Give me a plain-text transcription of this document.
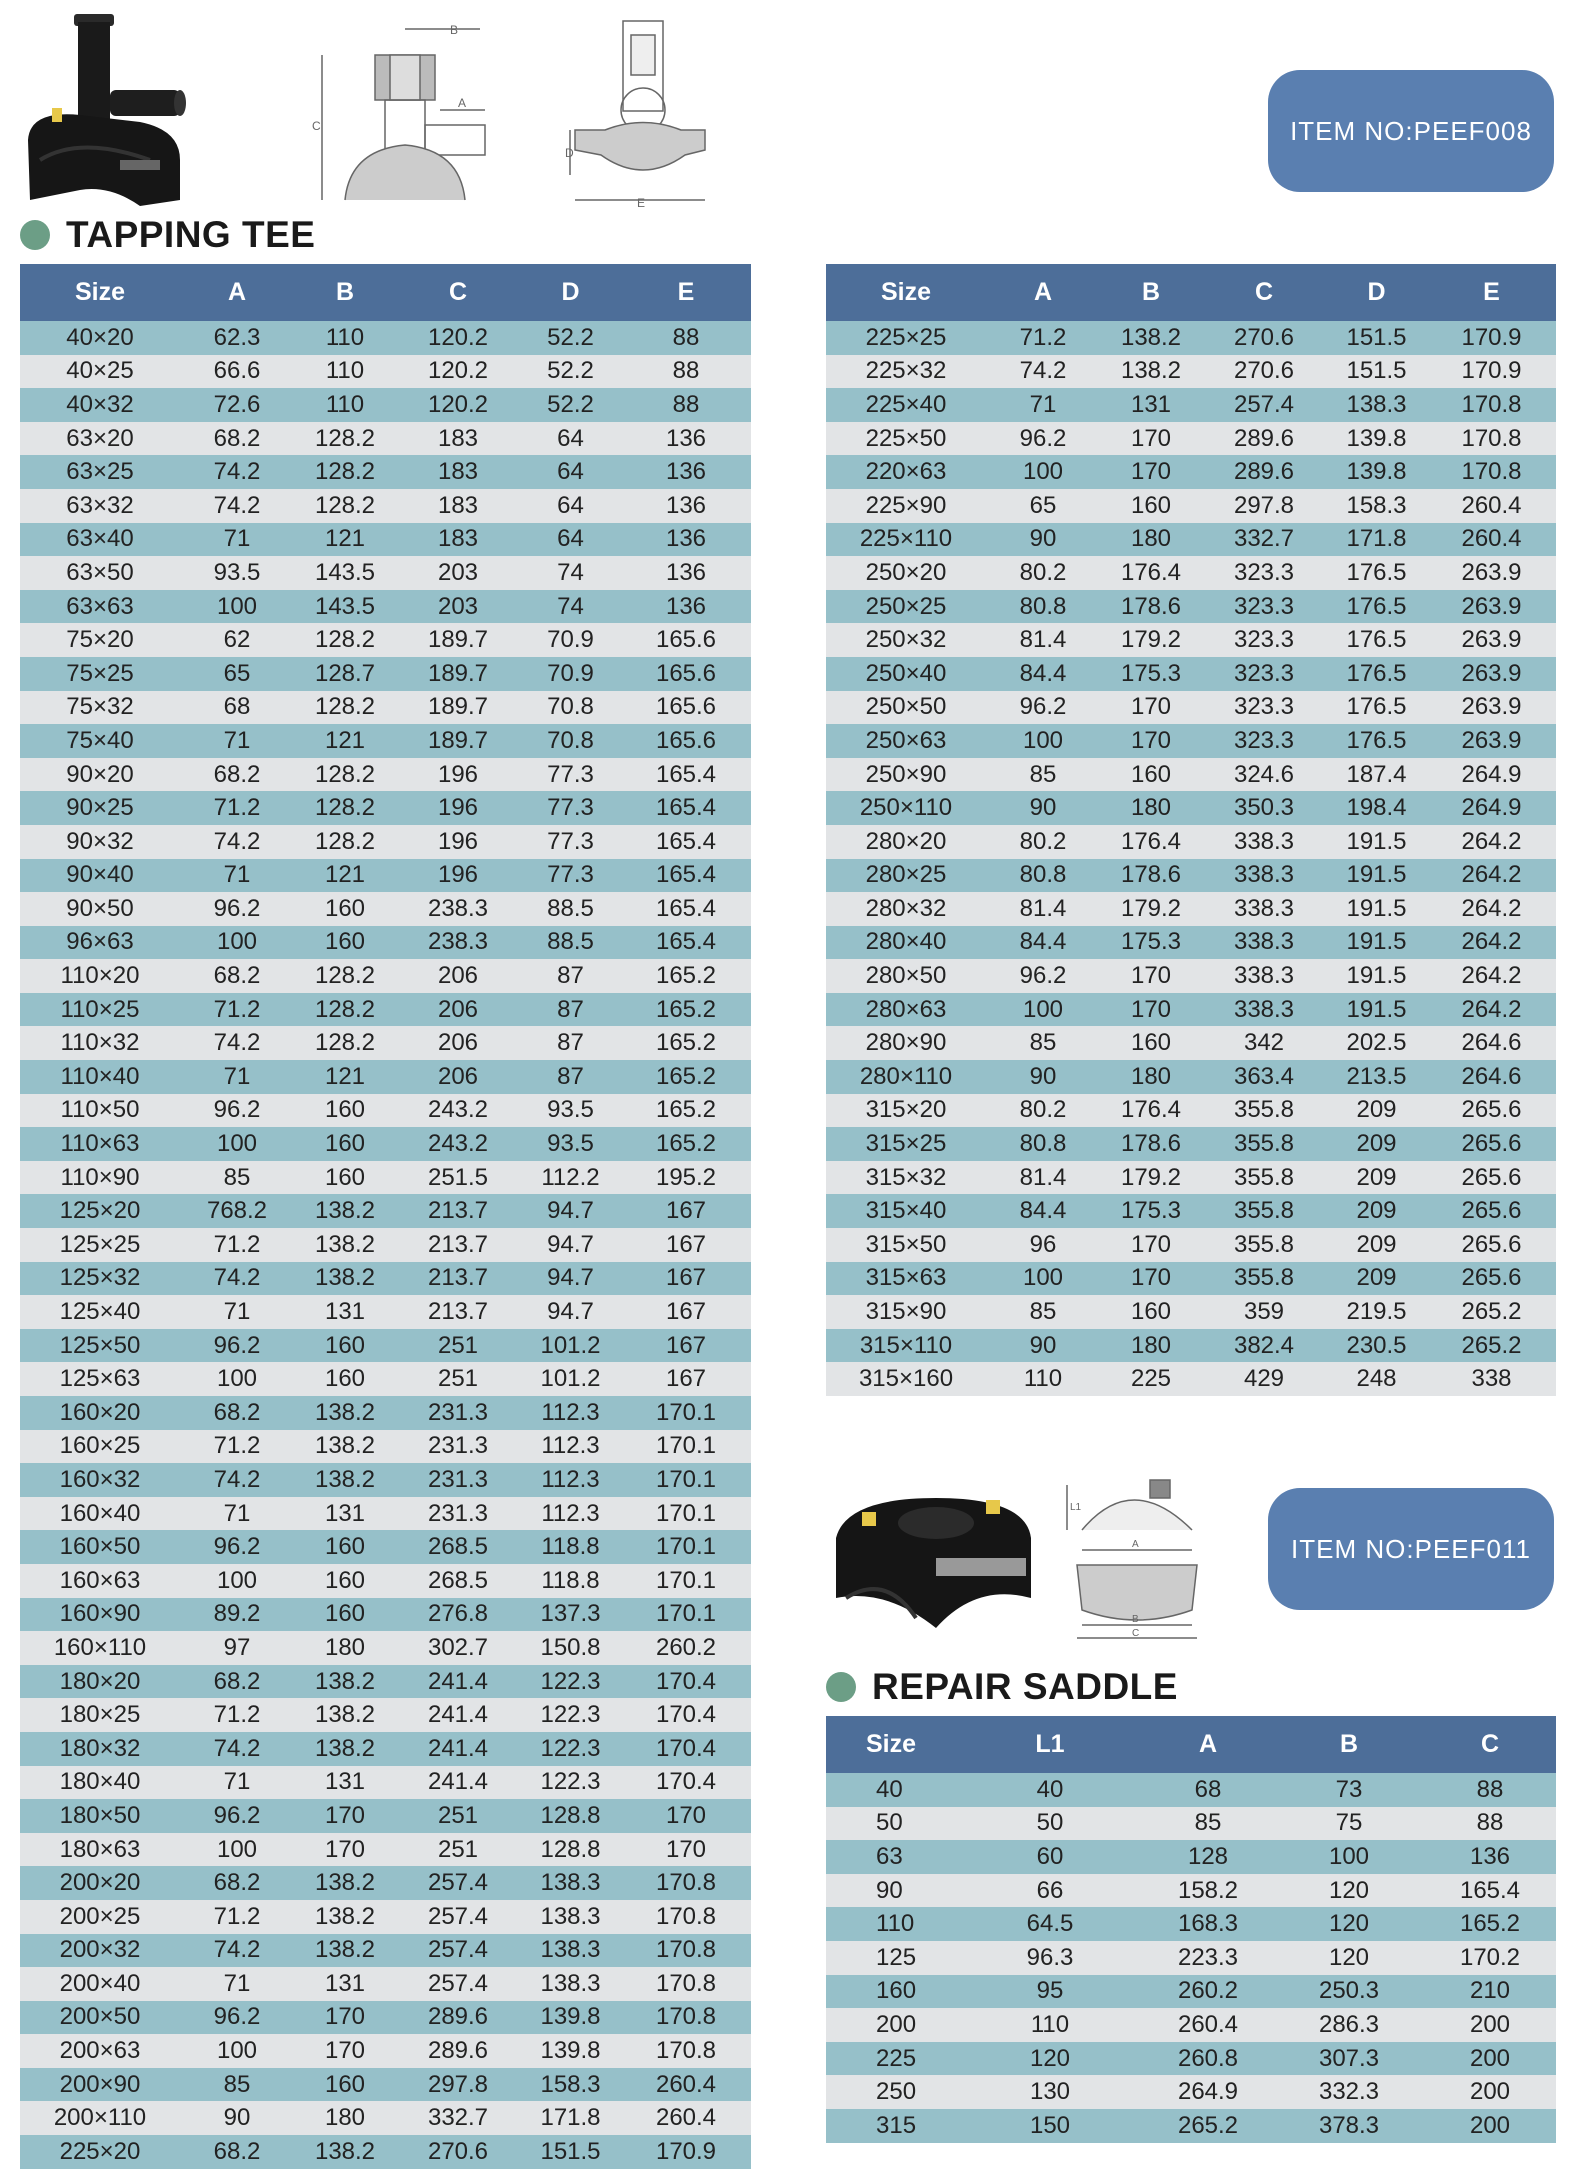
B
A
C
D
E
ITEM NO:PEEF008
TAPPING TEE
Size	A	B	C	D	E
40×20	62.3	110	120.2	52.2	88
40×25	66.6	110	120.2	52.2	88
40×32	72.6	110	120.2	52.2	88
63×20	68.2	128.2	183	64	136
63×25	74.2	128.2	183	64	136
63×32	74.2	128.2	183	64	136
63×40	71	121	183	64	136
63×50	93.5	143.5	203	74	136
63×63	100	143.5	203	74	136
75×20	62	128.2	189.7	70.9	165.6
75×25	65	128.7	189.7	70.9	165.6
75×32	68	128.2	189.7	70.8	165.6
75×40	71	121	189.7	70.8	165.6
90×20	68.2	128.2	196	77.3	165.4
90×25	71.2	128.2	196	77.3	165.4
90×32	74.2	128.2	196	77.3	165.4
90×40	71	121	196	77.3	165.4
90×50	96.2	160	238.3	88.5	165.4
96×63	100	160	238.3	88.5	165.4
110×20	68.2	128.2	206	87	165.2
110×25	71.2	128.2	206	87	165.2
110×32	74.2	128.2	206	87	165.2
110×40	71	121	206	87	165.2
110×50	96.2	160	243.2	93.5	165.2
110×63	100	160	243.2	93.5	165.2
110×90	85	160	251.5	112.2	195.2
125×20	768.2	138.2	213.7	94.7	167
125×25	71.2	138.2	213.7	94.7	167
125×32	74.2	138.2	213.7	94.7	167
125×40	71	131	213.7	94.7	167
125×50	96.2	160	251	101.2	167
125×63	100	160	251	101.2	167
160×20	68.2	138.2	231.3	112.3	170.1
160×25	71.2	138.2	231.3	112.3	170.1
160×32	74.2	138.2	231.3	112.3	170.1
160×40	71	131	231.3	112.3	170.1
160×50	96.2	160	268.5	118.8	170.1
160×63	100	160	268.5	118.8	170.1
160×90	89.2	160	276.8	137.3	170.1
160×110	97	180	302.7	150.8	260.2
180×20	68.2	138.2	241.4	122.3	170.4
180×25	71.2	138.2	241.4	122.3	170.4
180×32	74.2	138.2	241.4	122.3	170.4
180×40	71	131	241.4	122.3	170.4
180×50	96.2	170	251	128.8	170
180×63	100	170	251	128.8	170
200×20	68.2	138.2	257.4	138.3	170.8
200×25	71.2	138.2	257.4	138.3	170.8
200×32	74.2	138.2	257.4	138.3	170.8
200×40	71	131	257.4	138.3	170.8
200×50	96.2	170	289.6	139.8	170.8
200×63	100	170	289.6	139.8	170.8
200×90	85	160	297.8	158.3	260.4
200×110	90	180	332.7	171.8	260.4
225×20	68.2	138.2	270.6	151.5	170.9
Size	A	B	C	D	E
225×25	71.2	138.2	270.6	151.5	170.9
225×32	74.2	138.2	270.6	151.5	170.9
225×40	71	131	257.4	138.3	170.8
225×50	96.2	170	289.6	139.8	170.8
220×63	100	170	289.6	139.8	170.8
225×90	65	160	297.8	158.3	260.4
225×110	90	180	332.7	171.8	260.4
250×20	80.2	176.4	323.3	176.5	263.9
250×25	80.8	178.6	323.3	176.5	263.9
250×32	81.4	179.2	323.3	176.5	263.9
250×40	84.4	175.3	323.3	176.5	263.9
250×50	96.2	170	323.3	176.5	263.9
250×63	100	170	323.3	176.5	263.9
250×90	85	160	324.6	187.4	264.9
250×110	90	180	350.3	198.4	264.9
280×20	80.2	176.4	338.3	191.5	264.2
280×25	80.8	178.6	338.3	191.5	264.2
280×32	81.4	179.2	338.3	191.5	264.2
280×40	84.4	175.3	338.3	191.5	264.2
280×50	96.2	170	338.3	191.5	264.2
280×63	100	170	338.3	191.5	264.2
280×90	85	160	342	202.5	264.6
280×110	90	180	363.4	213.5	264.6
315×20	80.2	176.4	355.8	209	265.6
315×25	80.8	178.6	355.8	209	265.6
315×32	81.4	179.2	355.8	209	265.6
315×40	84.4	175.3	355.8	209	265.6
315×50	96	170	355.8	209	265.6
315×63	100	170	355.8	209	265.6
315×90	85	160	359	219.5	265.2
315×110	90	180	382.4	230.5	265.2
315×160	110	225	429	248	338
L1
A
B
C
ITEM NO:PEEF011
REPAIR SADDLE
Size	L1	A	B	C
40	40	68	73	88
50	50	85	75	88
63	60	128	100	136
90	66	158.2	120	165.4
110	64.5	168.3	120	165.2
125	96.3	223.3	120	170.2
160	95	260.2	250.3	210
200	110	260.4	286.3	200
225	120	260.8	307.3	200
250	130	264.9	332.3	200
315	150	265.2	378.3	200
